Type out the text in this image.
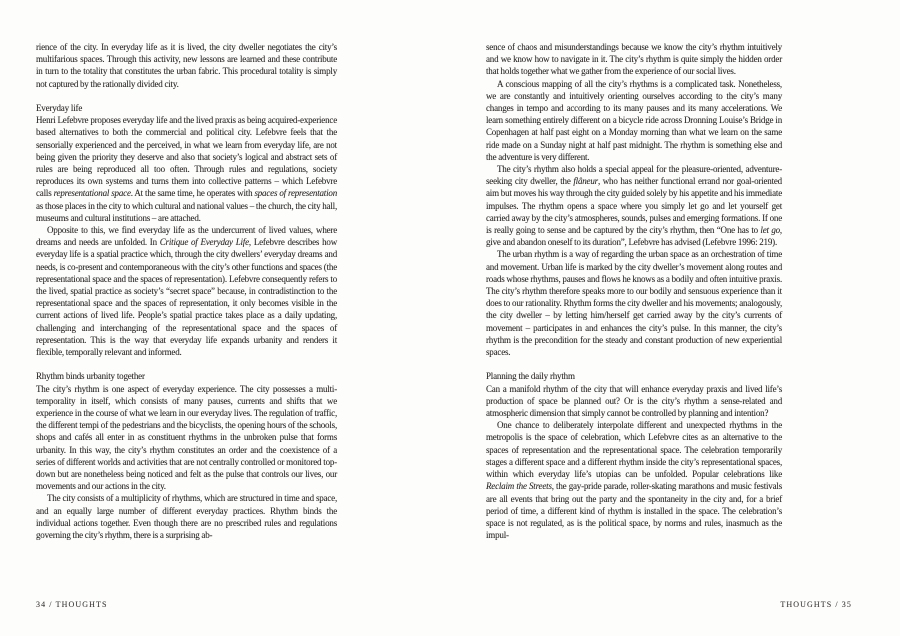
rience of the city. In everyday life as it is lived, the city dweller negotiates the city’s multifarious spaces. Through this activity, new lessons are learned and these contribute in turn to the totality that constitutes the urban fabric. This procedural totality is simply not captured by the rationally divided city.

Everyday life

Henri Lefebvre proposes everyday life and the lived praxis as being acquired-experience based alternatives to both the commercial and political city. Lefebvre feels that the sensorially experienced and the perceived, in what we learn from everyday life, are not being given the priority they deserve and also that society’s logical and abstract sets of rules are being reproduced all too often. Through rules and regulations, society reproduces its own systems and turns them into collective patterns – which Lefebvre calls representational space. At the same time, he operates with spaces of representation as those places in the city to which cultural and national values – the church, the city hall, museums and cultural institutions – are attached.

Opposite to this, we find everyday life as the undercurrent of lived values, where dreams and needs are unfolded. In Critique of Everyday Life, Lefebvre describes how everyday life is a spatial practice which, through the city dwellers’ everyday dreams and needs, is co-present and contemporaneous with the city’s other functions and spaces (the representational space and the spaces of representation). Lefebvre consequently refers to the lived, spatial practice as society’s “secret space” because, in contradistinction to the representational space and the spaces of representation, it only becomes visible in the current actions of lived life. People’s spatial practice takes place as a daily updating, challenging and interchanging of the representational space and the spaces of representation. This is the way that everyday life expands urbanity and renders it flexible, temporally relevant and informed.

Rhythm binds urbanity together

The city’s rhythm is one aspect of everyday experience. The city possesses a multi-temporality in itself, which consists of many pauses, currents and shifts that we experience in the course of what we learn in our everyday lives. The regulation of traffic, the different tempi of the pedestrians and the bicyclists, the opening hours of the schools, shops and cafés all enter in as constituent rhythms in the unbroken pulse that forms urbanity. In this way, the city’s rhythm constitutes an order and the coexistence of a series of different worlds and activities that are not centrally controlled or monitored top-down but are nonetheless being noticed and felt as the pulse that controls our lives, our movements and our actions in the city.

The city consists of a multiplicity of rhythms, which are structured in time and space, and an equally large number of different everyday practices. Rhythm binds the individual actions together. Even though there are no prescribed rules and regulations governing the city’s rhythm, there is a surprising ab-

34 / THOUGHTS

sence of chaos and misunderstandings because we know the city’s rhythm intuitively and we know how to navigate in it. The city’s rhythm is quite simply the hidden order that holds together what we gather from the experience of our social lives.

A conscious mapping of all the city’s rhythms is a complicated task. Nonetheless, we are constantly and intuitively orienting ourselves according to the city’s many changes in tempo and according to its many pauses and its many accelerations. We learn something entirely different on a bicycle ride across Dronning Louise’s Bridge in Copenhagen at half past eight on a Monday morning than what we learn on the same ride made on a Sunday night at half past midnight. The rhythm is something else and the adventure is very different.

The city’s rhythm also holds a special appeal for the pleasure-oriented, adventure-seeking city dweller, the flâneur, who has neither functional errand nor goal-oriented aim but moves his way through the city guided solely by his appetite and his immediate impulses. The rhythm opens a space where you simply let go and let yourself get carried away by the city’s atmospheres, sounds, pulses and emerging formations. If one is really going to sense and be captured by the city’s rhythm, then “One has to let go, give and abandon oneself to its duration”, Lefebvre has advised (Lefebvre 1996: 219).

The urban rhythm is a way of regarding the urban space as an orchestration of time and movement. Urban life is marked by the city dweller’s movement along routes and roads whose rhythms, pauses and flows he knows as a bodily and often intuitive praxis. The city’s rhythm therefore speaks more to our bodily and sensuous experience than it does to our rationality. Rhythm forms the city dweller and his movements; analogously, the city dweller – by letting him/herself get carried away by the city’s currents of movement – participates in and enhances the city’s pulse. In this manner, the city’s rhythm is the precondition for the steady and constant production of new experiential spaces.

Planning the daily rhythm

Can a manifold rhythm of the city that will enhance everyday praxis and lived life’s production of space be planned out? Or is the city’s rhythm a sense-related and atmospheric dimension that simply cannot be controlled by planning and intention?

One chance to deliberately interpolate different and unexpected rhythms in the metropolis is the space of celebration, which Lefebvre cites as an alternative to the spaces of representation and the representational space. The celebration temporarily stages a different space and a different rhythm inside the city’s representational spaces, within which everyday life’s utopias can be unfolded. Popular celebrations like Reclaim the Streets, the gay-pride parade, roller-skating marathons and music festivals are all events that bring out the party and the spontaneity in the city and, for a brief period of time, a different kind of rhythm is installed in the space. The celebration’s space is not regulated, as is the political space, by norms and rules, inasmuch as the impul-

THOUGHTS / 35
